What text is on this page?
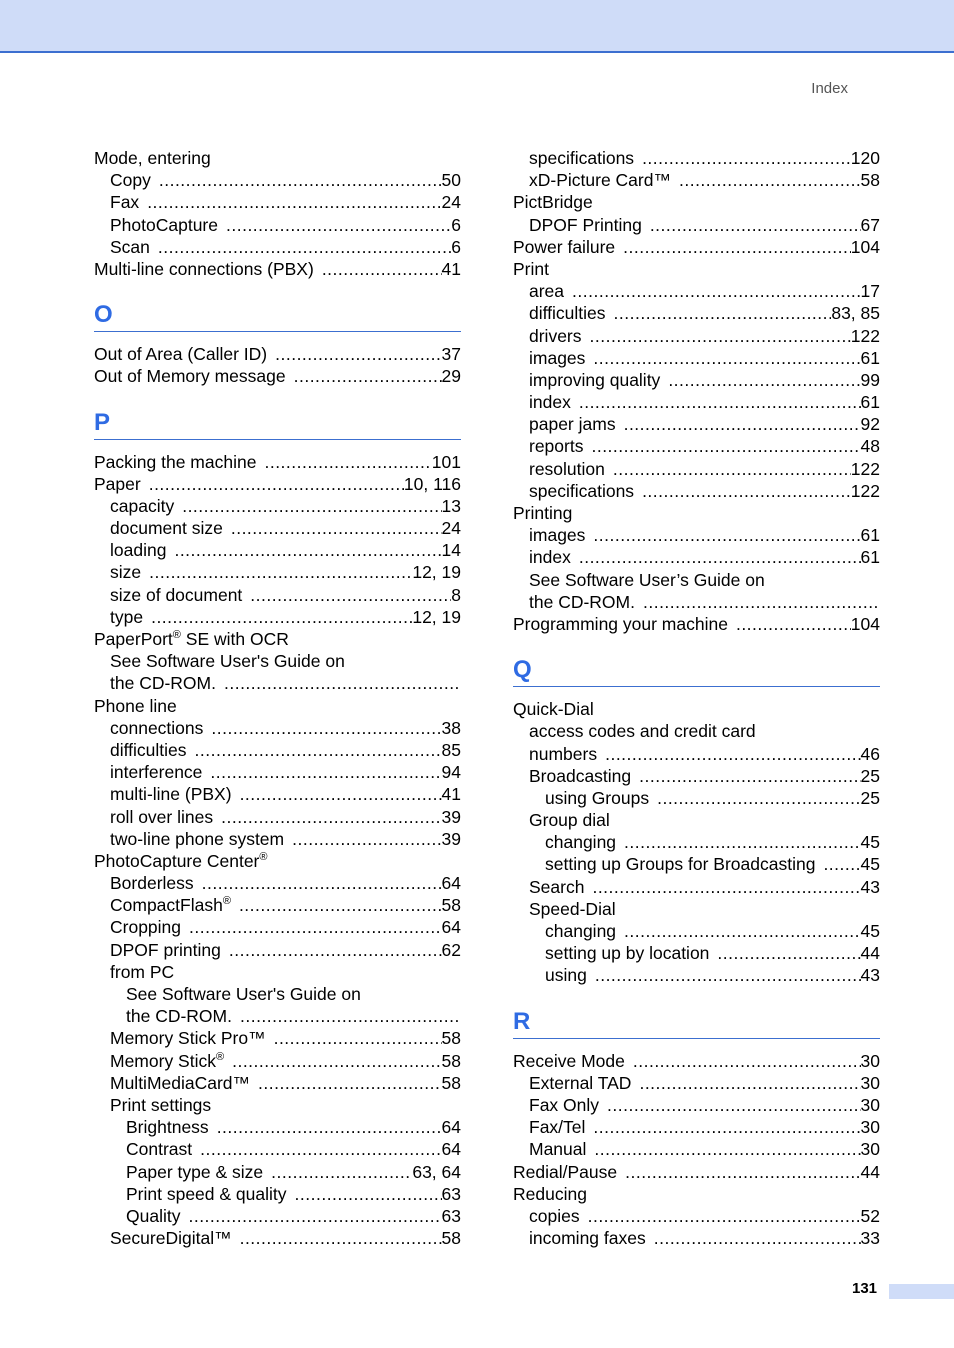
Index
Mode, entering
Copy .....	50
Fax .....	24
PhotoCapture .....	6
Scan .....	6
Multi-line connections (PBX) .....	41
O
Out of Area (Caller ID) .....	37
Out of Memory message .....	29
P
Packing the machine .....	101
Paper .....	10, 116
capacity .....	13
document size .....	24
loading .....	14
size .....	12, 19
size of document .....	8
type .....	12, 19
PaperPort® SE with OCR
See Software User's Guide on
the CD-ROM.
.....
Phone line
connections .....	38
difficulties .....	85
interference .....	94
multi-line (PBX) .....	41
roll over lines .....	39
two-line phone system .....	39
PhotoCapture Center®
Borderless .....	64
CompactFlash® .....	58
Cropping .....	64
DPOF printing .....	62
from PC
See Software User's Guide on
the CD-ROM.
.....
Memory Stick Pro™ .....	58
Memory Stick® .....	58
MultiMediaCard™ .....	58
Print settings
Brightness .....	64
Contrast .....	64
Paper type & size .....	63, 64
Print speed & quality .....	63
Quality .....	63
SecureDigital™ .....	58
specifications .....	120
xD-Picture Card™ .....	58
PictBridge
DPOF Printing .....	67
Power failure .....	104
Print
area .....	17
difficulties .....	83, 85
drivers .....	122
images .....	61
improving quality .....	99
index .....	61
paper jams .....	92
reports .....	48
resolution .....	122
specifications .....	122
Printing
images .....	61
index .....	61
See Software User’s Guide on
the CD-ROM.
.....
Programming your machine .....	104
Q
Quick-Dial
access codes and credit card
numbers .....	46
Broadcasting .....	25
using Groups .....	25
Group dial
changing .....	45
setting up Groups for Broadcasting .....	45
Search .....	43
Speed-Dial
changing .....	45
setting up by location .....	44
using .....	43
R
Receive Mode .....	30
External TAD .....	30
Fax Only .....	30
Fax/Tel .....	30
Manual .....	30
Redial/Pause .....	44
Reducing
copies .....	52
incoming faxes .....	33
131
